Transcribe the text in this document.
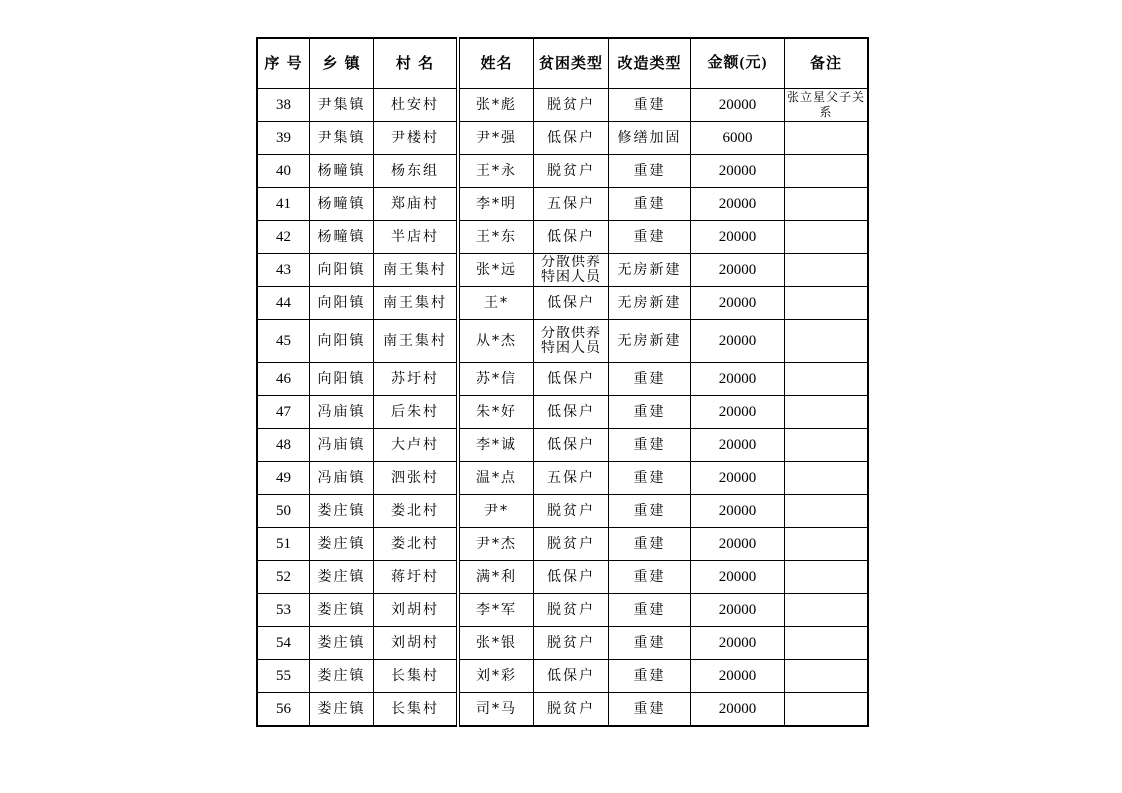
序 号	乡 镇	村 名	姓名	贫困类型	改造类型	金额(元)	备注
38	尹集镇	杜安村	张*彪	脱贫户	重建	20000	张立星父子关系

39	尹集镇	尹楼村	尹*强	低保户	修缮加固	6000	
40	杨疃镇	杨东组	王*永	脱贫户	重建	20000	
41	杨疃镇	郑庙村	李*明	五保户	重建	20000	
42	杨疃镇	半店村	王*东	低保户	重建	20000	
43	向阳镇	南王集村	张*远	分散供养特困人员	无房新建	20000	
44	向阳镇	南王集村	王*	低保户	无房新建	20000	
45	向阳镇	南王集村	从*杰	分散供养特困人员	无房新建	20000	
46	向阳镇	苏圩村	苏*信	低保户	重建	20000	
47	冯庙镇	后朱村	朱*好	低保户	重建	20000	
48	冯庙镇	大卢村	李*诚	低保户	重建	20000	
49	冯庙镇	泗张村	温*点	五保户	重建	20000	
50	娄庄镇	娄北村	尹*	脱贫户	重建	20000	
51	娄庄镇	娄北村	尹*杰	脱贫户	重建	20000	
52	娄庄镇	蒋圩村	满*利	低保户	重建	20000	
53	娄庄镇	刘胡村	李*军	脱贫户	重建	20000	
54	娄庄镇	刘胡村	张*银	脱贫户	重建	20000	
55	娄庄镇	长集村	刘*彩	低保户	重建	20000	
56	娄庄镇	长集村	司*马	脱贫户	重建	20000	
